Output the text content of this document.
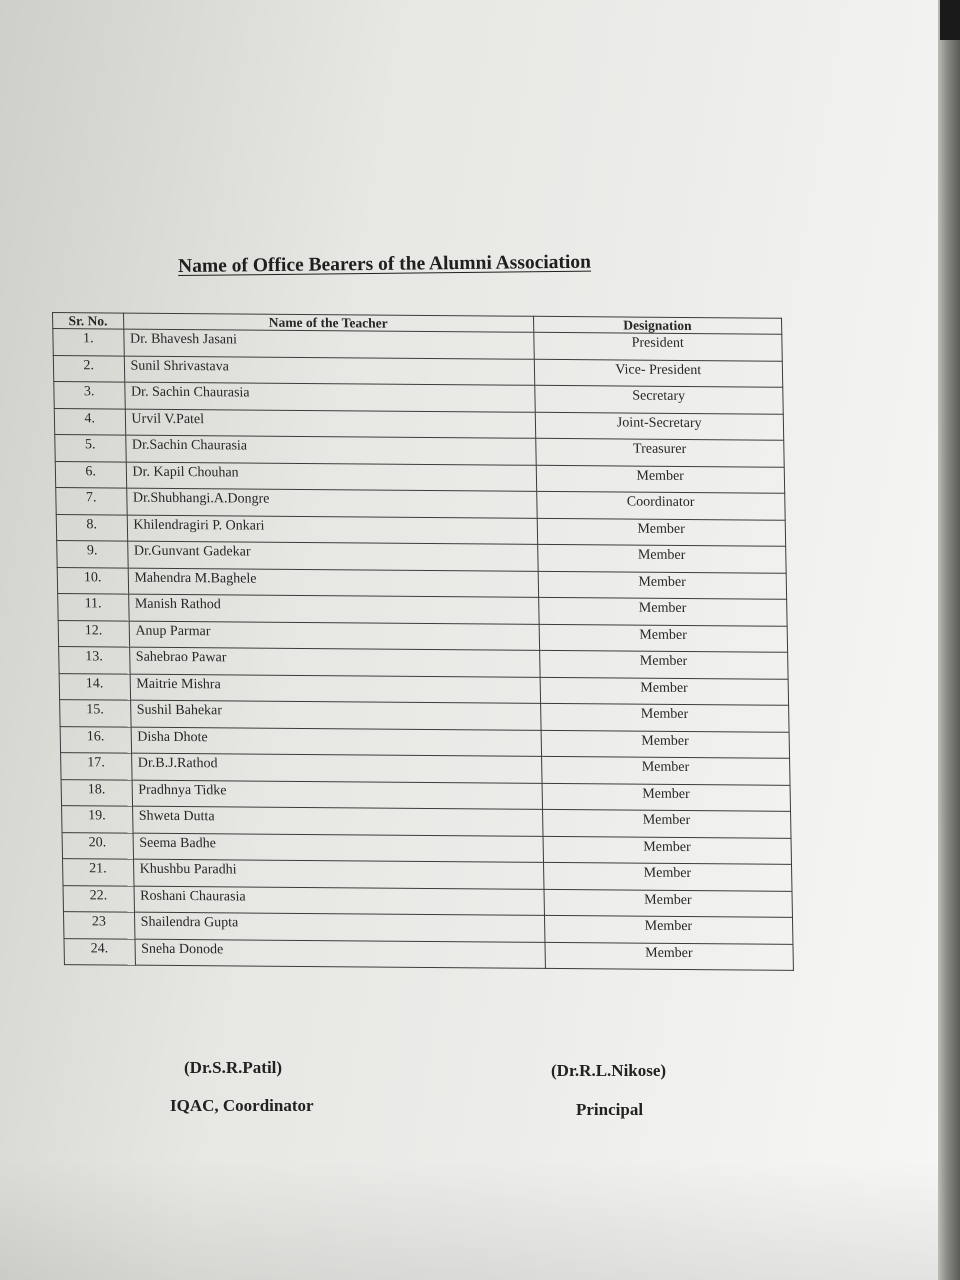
Name of Office Bearers of the Alumni Association
Sr. No.	Name of the Teacher	Designation
1.	Dr. Bhavesh Jasani	President
2.	Sunil Shrivastava	Vice- President
3.	Dr. Sachin Chaurasia	Secretary
4.	Urvil V.Patel	Joint-Secretary
5.	Dr.Sachin Chaurasia	Treasurer
6.	Dr. Kapil Chouhan	Member
7.	Dr.Shubhangi.A.Dongre	Coordinator
8.	Khilendragiri P. Onkari	Member
9.	Dr.Gunvant Gadekar	Member
10.	Mahendra M.Baghele	Member
11.	Manish Rathod	Member
12.	Anup Parmar	Member
13.	Sahebrao Pawar	Member
14.	Maitrie Mishra	Member
15.	Sushil Bahekar	Member
16.	Disha Dhote	Member
17.	Dr.B.J.Rathod	Member
18.	Pradhnya Tidke	Member
19.	Shweta Dutta	Member
20.	Seema Badhe	Member
21.	Khushbu Paradhi	Member
22.	Roshani Chaurasia	Member
23	Shailendra Gupta	Member
24.	Sneha Donode	Member
(Dr.S.R.Patil)
IQAC, Coordinator
(Dr.R.L.Nikose)
Principal
